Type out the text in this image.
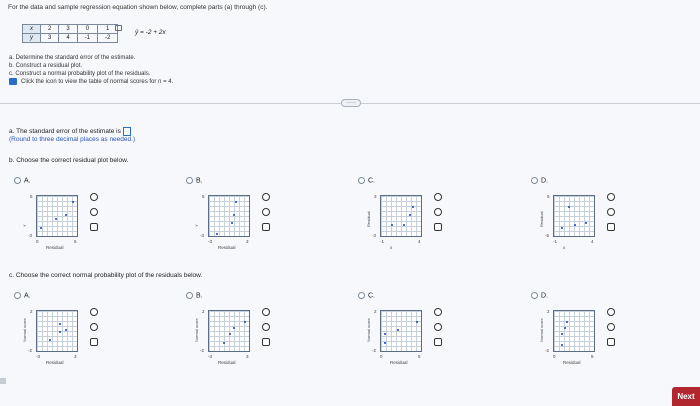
For the data and sample regression equation shown below, complete parts (a) through (c).
x	2	3	0	1
y	3	4	-1	-2
ŷ = -2 + 2x
a. Determine the standard error of the estimate.
b. Construct a residual plot.
c. Construct a normal probability plot of the residuals.
Click the icon to view the table of normal scores for n = 4.
·····
a. The standard error of the estimate is
(Round to three decimal places as needed.)
b. Choose the correct residual plot below.
c. Choose the correct normal probability plot of the residuals below.
A.
5
-3
0	5
Y
Residual
B.
5
-3
-3	3
Y
Residual
C.
3
-3
-1	4
Residual
x
D.
5
-5
-1	4
Residual
x
A.
2
-2
-3	3
Normal score
Residual
B.
2
-2
-3	3
Normal score
Residual
C.
2
-2
0	5
Normal score
Residual
D.
2
-2
0	5
Normal score
Residual
Next
